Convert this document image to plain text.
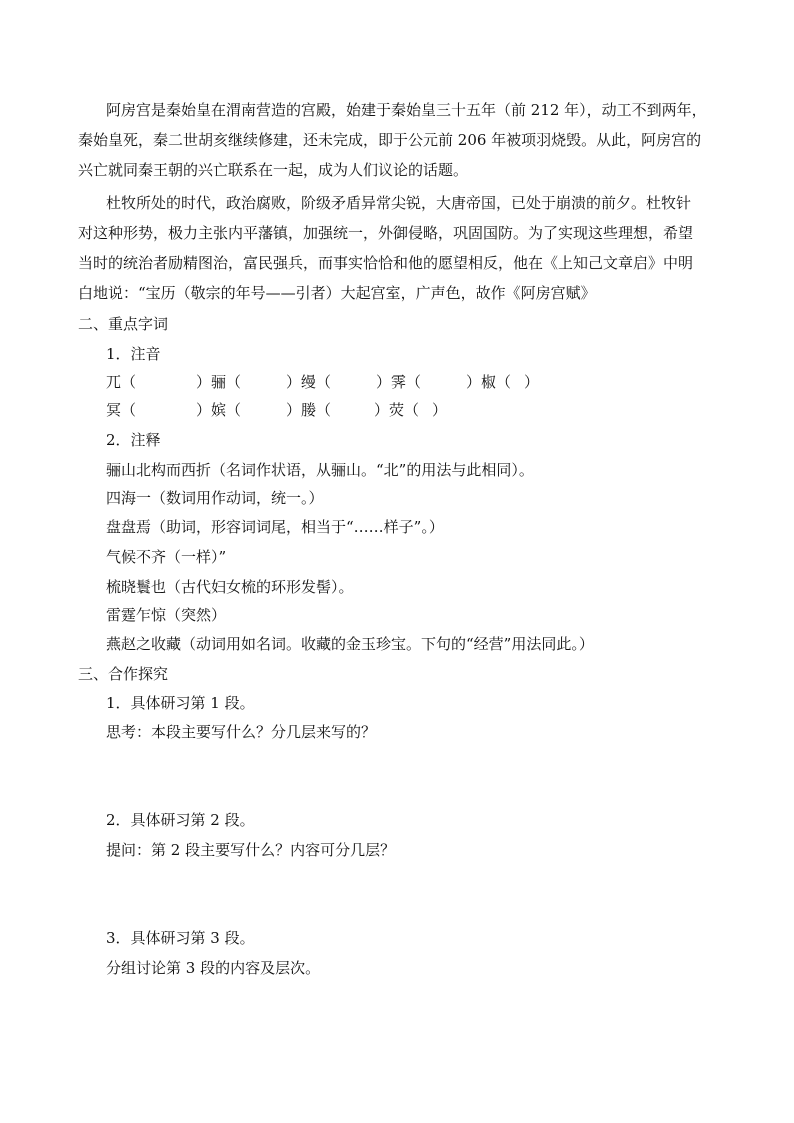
阿房宫是秦始皇在渭南营造的宫殿，始建于秦始皇三十五年（前 212 年），动工不到两年，
秦始皇死，秦二世胡亥继续修建，还未完成，即于公元前 206 年被项羽烧毁。从此，阿房宫的
兴亡就同秦王朝的兴亡联系在一起，成为人们议论的话题。
杜牧所处的时代，政治腐败，阶级矛盾异常尖锐，大唐帝国，已处于崩溃的前夕。杜牧针
对这种形势，极力主张内平藩镇，加强统一，外御侵略，巩固国防。为了实现这些理想，希望
当时的统治者励精图治，富民强兵，而事实恰恰和他的愿望相反，他在《上知己文章启》中明
白地说：“宝历（敬宗的年号——引者）大起宫室，广声色，故作《阿房宫赋》
二、重点字词
1．注音
兀（	）骊（	）缦（	）霁（	）椒（ ）
冥（	）嫔（	）媵（	）荧（ ）
2．注释
骊山北构而西折（名词作状语，从骊山。“北”的用法与此相同）。
四海一（数词用作动词，统一。）
盘盘焉（助词，形容词词尾，相当于“……样子”。）
气候不齐（一样）”
梳晓鬟也（古代妇女梳的环形发髻）。
雷霆乍惊（突然）
燕赵之收藏（动词用如名词。收藏的金玉珍宝。下句的“经营”用法同此。）
三、合作探究
1．具体研习第 1 段。
思考：本段主要写什么？分几层来写的？
2．具体研习第 2 段。
提问：第 2 段主要写什么？内容可分几层？
3．具体研习第 3 段。
分组讨论第 3 段的内容及层次。
